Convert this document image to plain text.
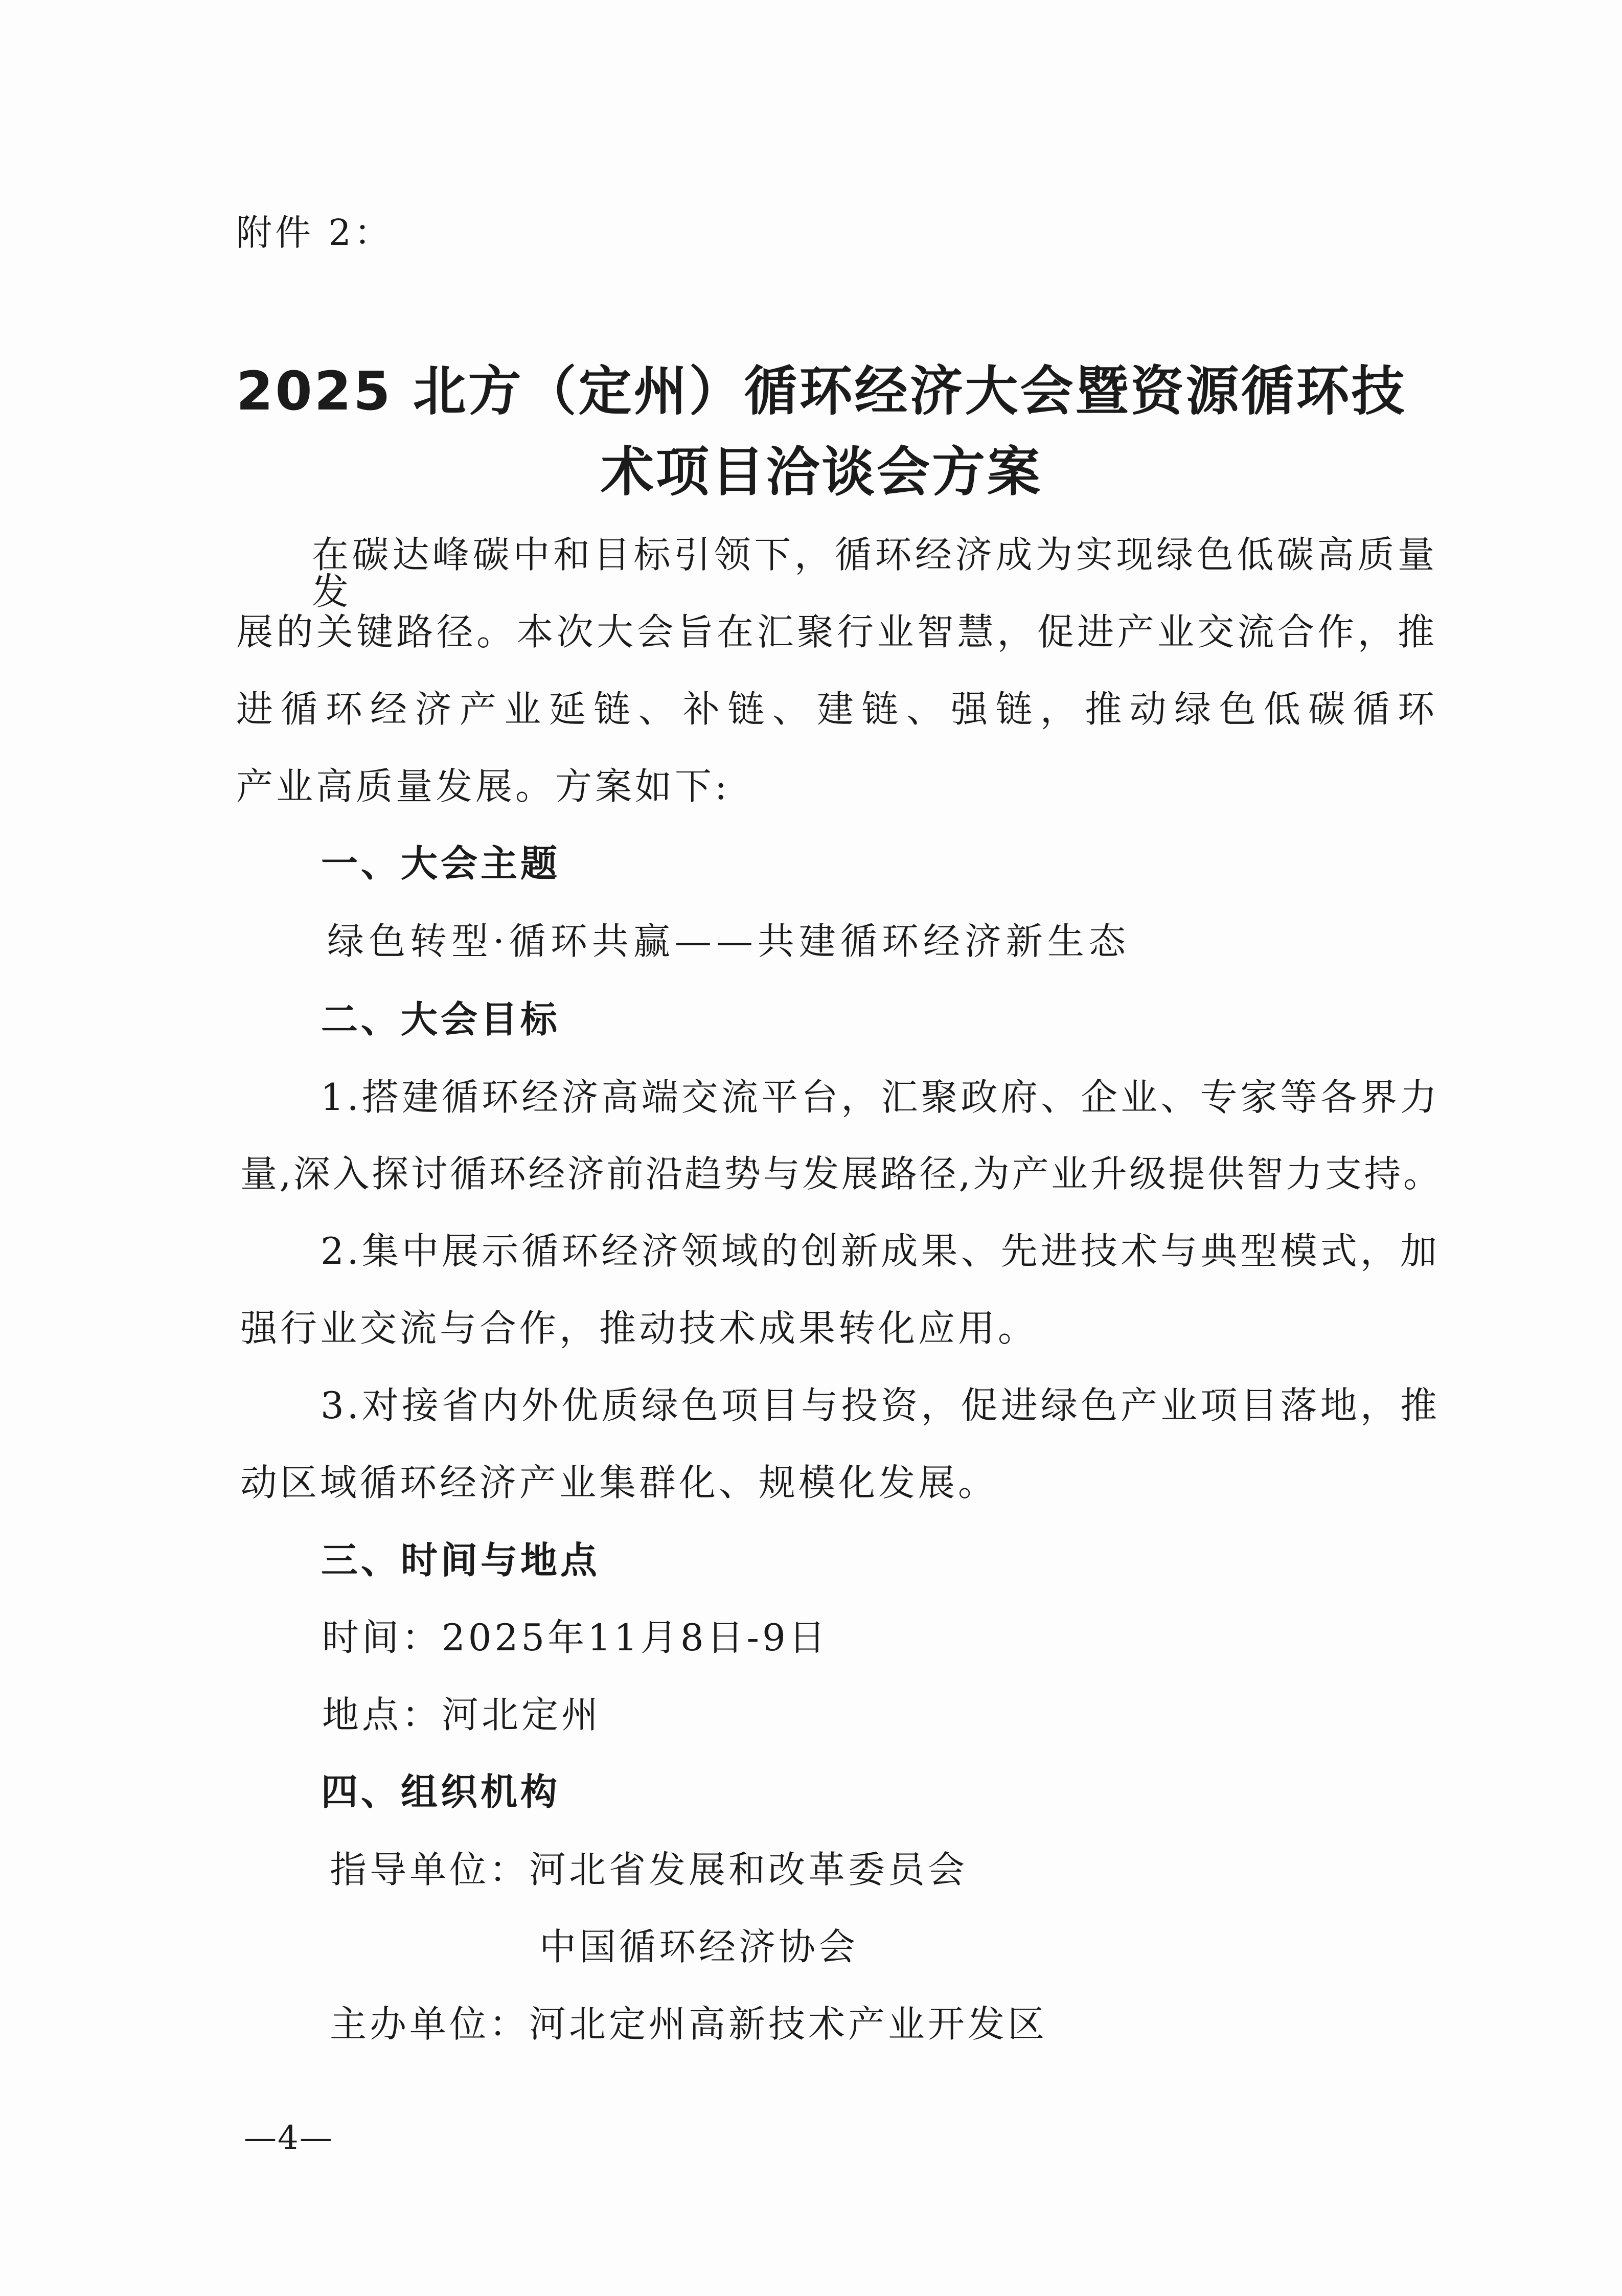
附件 2：
2025 北方（定州）循环经济大会暨资源循环技
术项目洽谈会方案
在碳达峰碳中和目标引领下，循环经济成为实现绿色低碳高质量发
展的关键路径。本次大会旨在汇聚行业智慧，促进产业交流合作，推
进循环经济产业延链、补链、建链、强链，推动绿色低碳循环
产业高质量发展。方案如下:
一、大会主题
绿色转型·循环共赢——共建循环经济新生态
二、大会目标
1.搭建循环经济高端交流平台，汇聚政府、企业、专家等各界力
量,深入探讨循环经济前沿趋势与发展路径,为产业升级提供智力支持。
2.集中展示循环经济领域的创新成果、先进技术与典型模式，加
强行业交流与合作，推动技术成果转化应用。
3.对接省内外优质绿色项目与投资，促进绿色产业项目落地，推
动区域循环经济产业集群化、规模化发展。
三、时间与地点
时间：2025年11月8日-9日
地点：河北定州
四、组织机构
指导单位：河北省发展和改革委员会
中国循环经济协会
主办单位：河北定州高新技术产业开发区
—4—
